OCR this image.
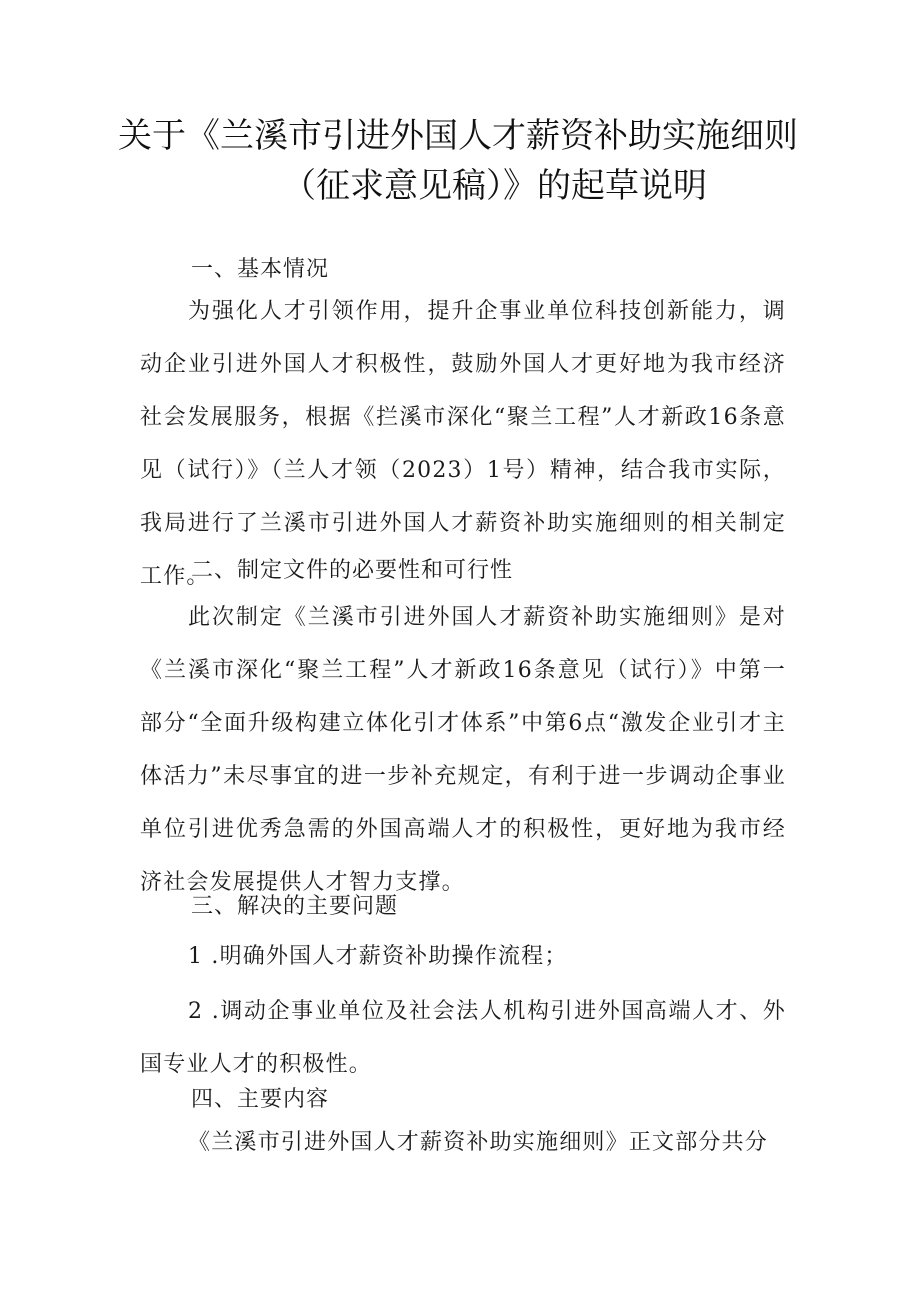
关于《兰溪市引进外国人才薪资补助实施细则
（征求意见稿）》的起草说明
一、基本情况
为强化人才引领作用，提升企事业单位科技创新能力，调动企业引进外国人才积极性，鼓励外国人才更好地为我市经济社会发展服务，根据《拦溪市深化“聚兰工程”人才新政16条意见（试行）》（兰人才领（2023）1号）精神，结合我市实际，我局进行了兰溪市引进外国人才薪资补助实施细则的相关制定工作。
二、制定文件的必要性和可行性
此次制定《兰溪市引进外国人才薪资补助实施细则》是对《兰溪市深化“聚兰工程”人才新政16条意见（试行）》中第一部分“全面升级构建立体化引才体系”中第6点“激发企业引才主体活力”未尽事宜的进一步补充规定，有利于进一步调动企事业单位引进优秀急需的外国高端人才的积极性，更好地为我市经济社会发展提供人才智力支撑。
三、解决的主要问题
1 .明确外国人才薪资补助操作流程；
2 .调动企事业单位及社会法人机构引进外国高端人才、外国专业人才的积极性。
四、主要内容
《兰溪市引进外国人才薪资补助实施细则》正文部分共分
